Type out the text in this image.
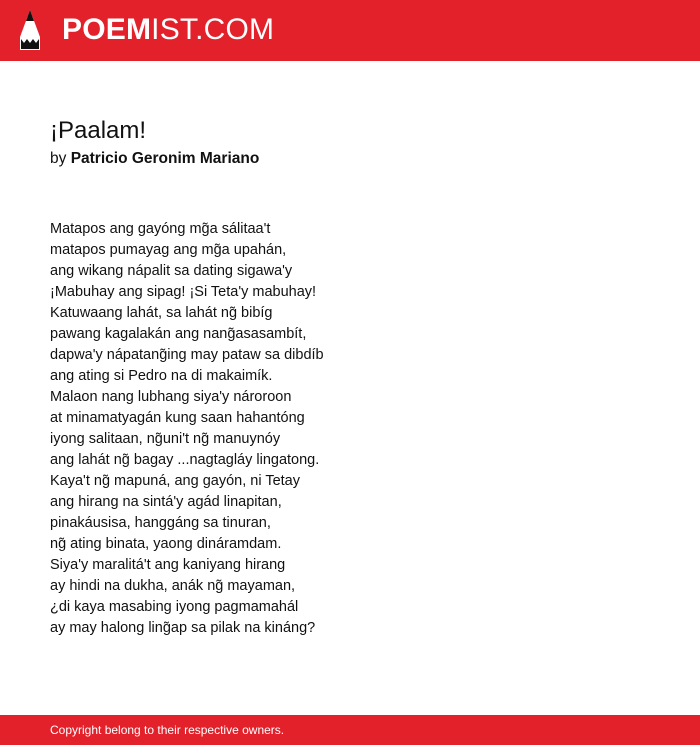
POEMIST.COM
¡Paalam!
by Patricio Geronim Mariano
Matapos ang gayóng mg̃a sálitaa't
matapos pumayag ang mg̃a upahán,
ang wikang nápalit sa dating sigawa'y
¡Mabuhay ang sipag! ¡Si Teta'y mabuhay!
Katuwaang lahát, sa lahát ng̃ bibíg
pawang kagalakán ang nang̃asasambít,
dapwa'y nápatang̃ing may pataw sa dibdíb
ang ating si Pedro na di makaimík.
Malaon nang lubhang siya'y nároroon
at minamatyagán kung saan hahantóng
iyong salitaan, ng̃uni't ng̃ manuynóy
ang lahát ng̃ bagay ...nagtagláy lingatong.
Kaya't ng̃ mapuná, ang gayón, ni Tetay
ang hirang na sintá'y agád linapitan,
pinakáusisa, hanggáng sa tinuran,
ng̃ ating binata, yaong dináramdam.
Siya'y maralitá't ang kaniyang hirang
ay hindi na dukha, anák ng̃ mayaman,
¿di kaya masabing iyong pagmamahál
ay may halong ling̃ap sa pilak na kináng?
Copyright belong to their respective owners.
